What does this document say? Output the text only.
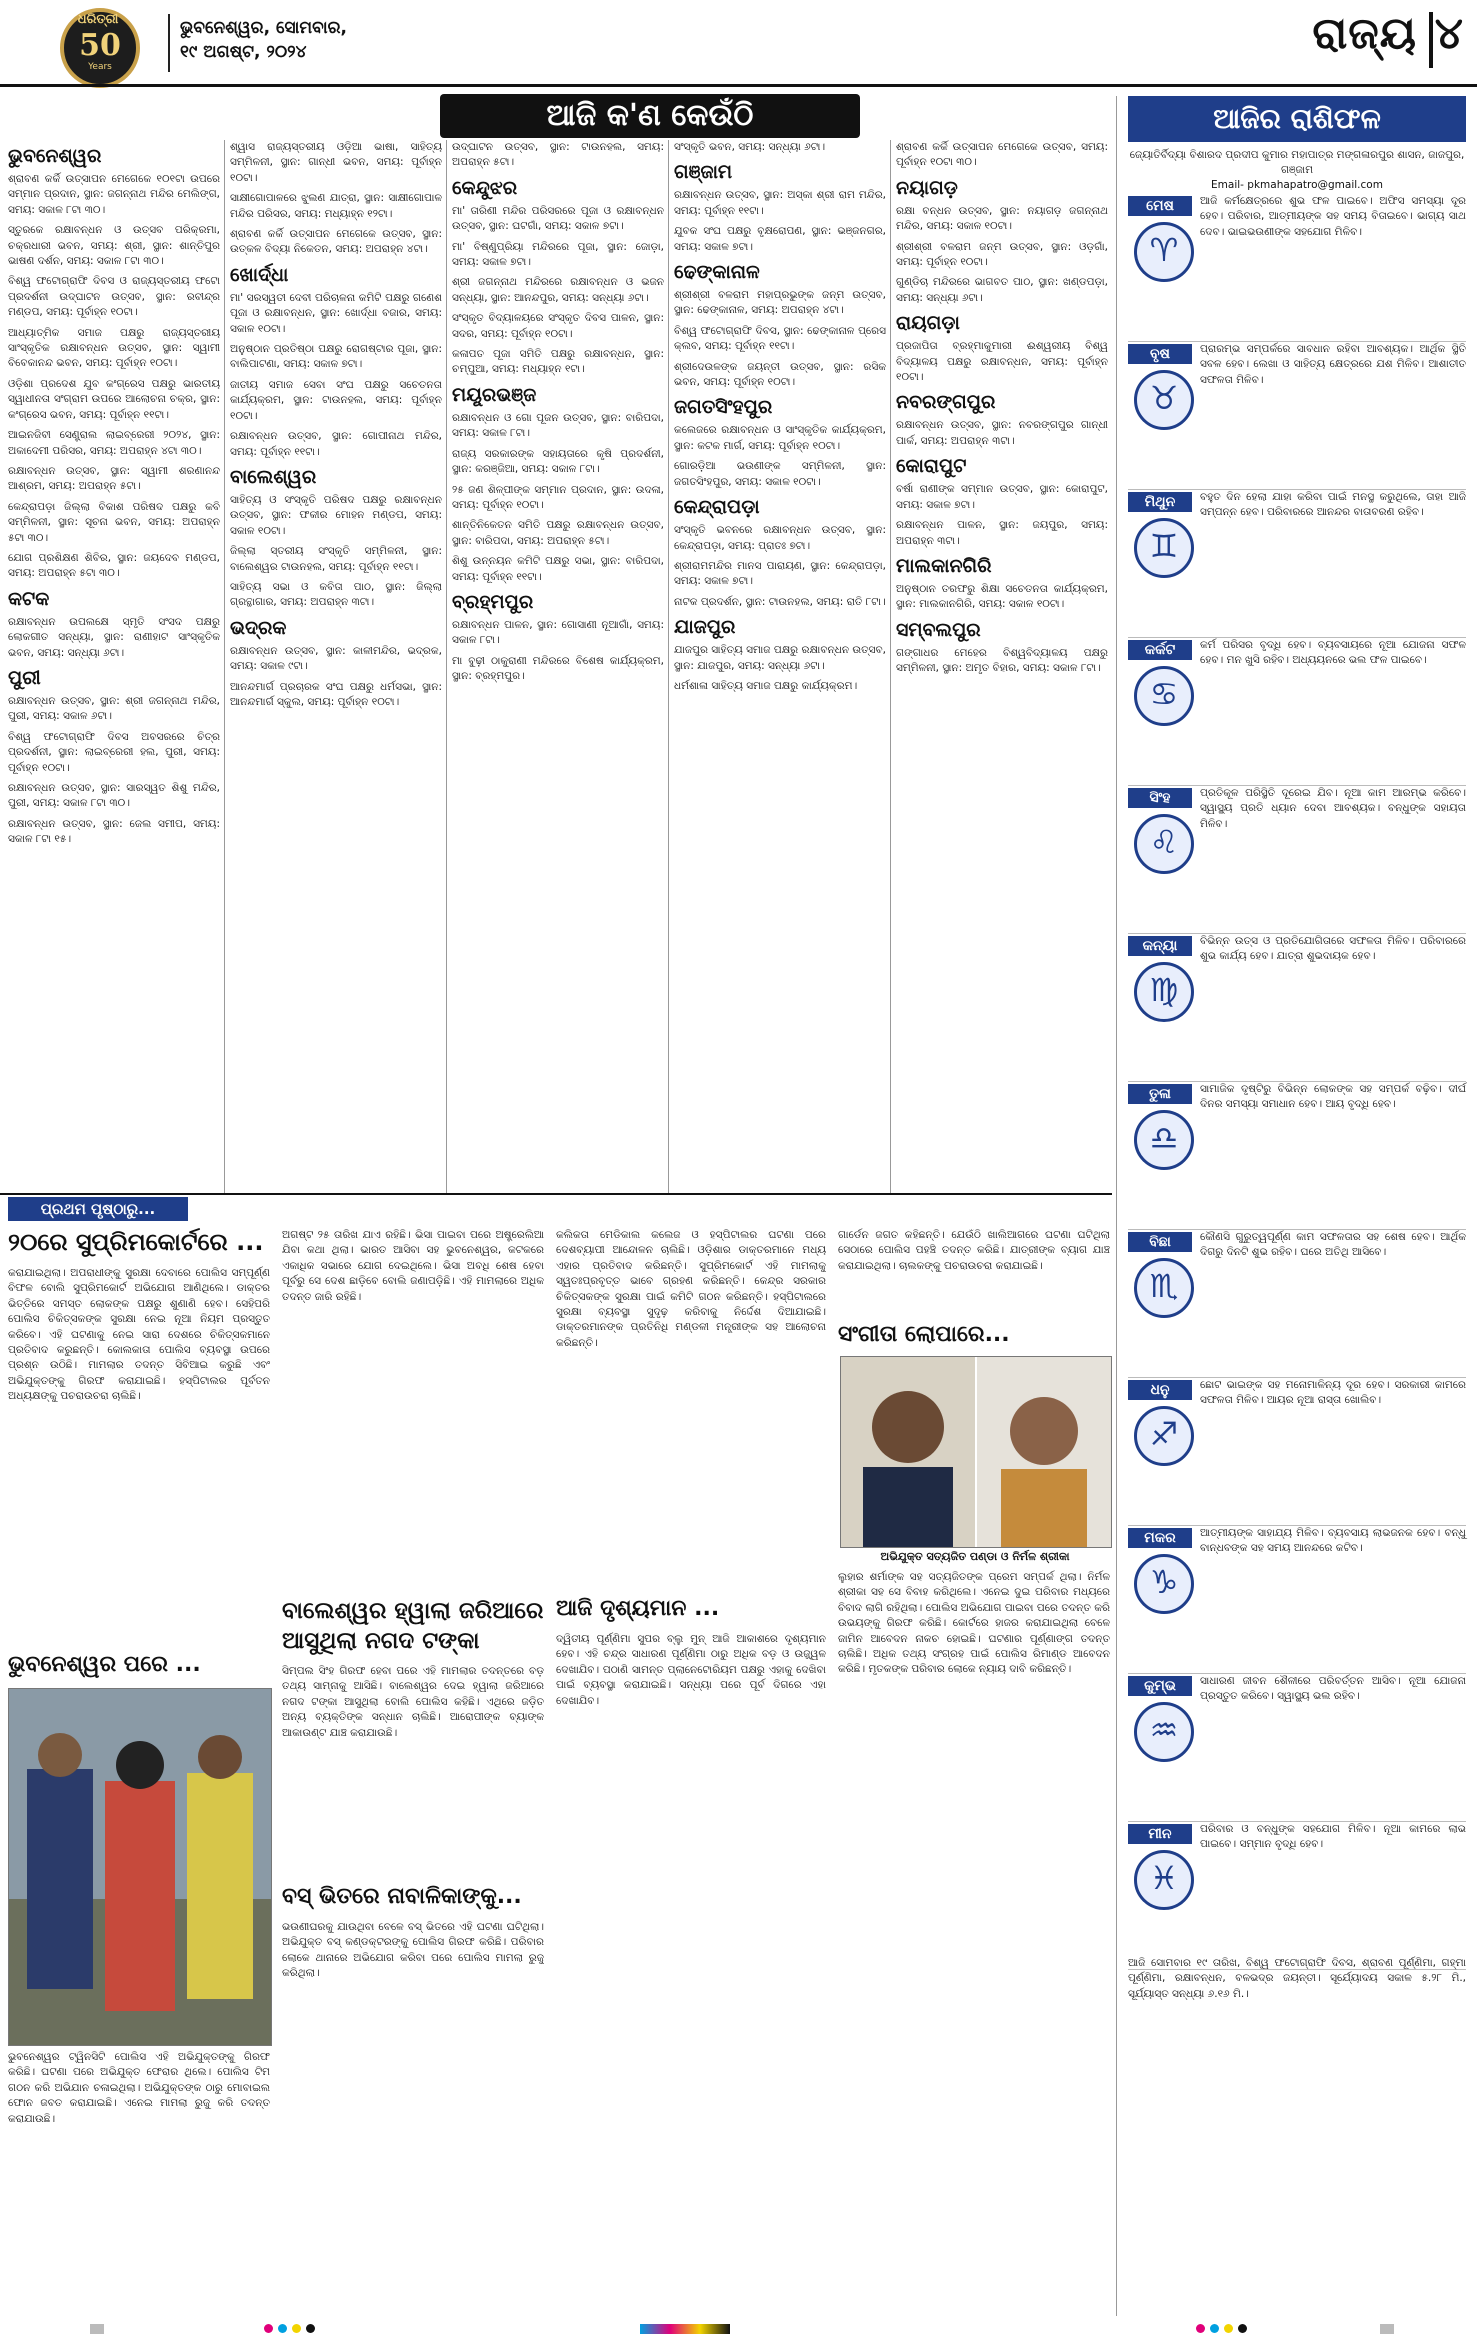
ଧରିତ୍ରୀ
50
Years
ଭୁବନେଶ୍ୱର, ସୋମବାର,
୧୯ ଅଗଷ୍ଟ, ୨୦୨୪	ରାଜ୍ୟ ୪
ଆଜି କ'ଣ କେଉଁଠି
ଭୁବନେଶ୍ୱର

ଶ୍ରାବଣ କର୍କି ଉତ୍ସାପନ ମେଗେକେ ୧୦୧ଟା ଉପରେ ସମ୍ମାନ ପ୍ରଦାନ, ସ୍ଥାନ: ଜଗନ୍ନାଥ ମନ୍ଦିର ମେଲିଙ୍ଗ, ସମୟ: ସକାଳ ୮ଟା ୩୦।

ସ୍ତୁରକେ ରକ୍ଷାବନ୍ଧନ ଓ ଉତ୍ସବ ପରିକ୍ରମା, ଚକ୍ରଧାରୀ ଭବନ, ସମୟ: ଶ୍ରୀ, ସ୍ଥାନ: ଶାନ୍ତିପୁର ଭାଷଣ ଦର୍ଶନ, ସମୟ: ସକାଳ ୮ଟା ୩୦।

ବିଶ୍ୱ ଫଟୋଗ୍ରାଫି ଦିବସ ଓ ରାଜ୍ୟସ୍ତରୀୟ ଫଟୋ ପ୍ରଦର୍ଶନୀ ଉଦ୍‌ଘାଟନ ଉତ୍ସବ, ସ୍ଥାନ: ରବୀନ୍ଦ୍ର ମଣ୍ଡପ, ସମୟ: ପୂର୍ବାହ୍ନ ୧୦ଟା।

ଆଧ୍ୟାତ୍ମିକ ସମାଜ ପକ୍ଷରୁ ରାଜ୍ୟସ୍ତରୀୟ ସାଂସ୍କୃତିକ ରକ୍ଷାବନ୍ଧନ ଉତ୍ସବ, ସ୍ଥାନ: ସ୍ୱାମୀ ବିବେକାନନ୍ଦ ଭବନ, ସମୟ: ପୂର୍ବାହ୍ନ ୧୦ଟା।

ଓଡ଼ିଶା ପ୍ରଦେଶ ଯୁବ କଂଗ୍ରେସ ପକ୍ଷରୁ ଭାରତୀୟ ସ୍ୱାଧୀନତା ସଂଗ୍ରାମ ଉପରେ ଆଲୋଚନା ଚକ୍ର, ସ୍ଥାନ: କଂଗ୍ରେସ ଭବନ, ସମୟ: ପୂର୍ବାହ୍ନ ୧୧ଟା।

ଆଇନଜିବୀ ସେଣ୍ଟ୍ରାଲ ଲାଇବ୍ରେରୀ ୨୦୨୪, ସ୍ଥାନ: ଅକାଦେମୀ ପରିସର, ସମୟ: ଅପରାହ୍ନ ୪ଟା ୩୦।

ରକ୍ଷାବନ୍ଧନ ଉତ୍ସବ, ସ୍ଥାନ: ସ୍ୱାମୀ ଶରଣାନନ୍ଦ ଆଶ୍ରମ, ସମୟ: ଅପରାହ୍ନ ୫ଟା।

କେନ୍ଦ୍ରାପଡ଼ା ଜିଲ୍ଲା ବିକାଶ ପରିଷଦ ପକ୍ଷରୁ କବି ସମ୍ମିଳନୀ, ସ୍ଥାନ: ସୂଚନା ଭବନ, ସମୟ: ଅପରାହ୍ନ ୫ଟା ୩୦।

ଯୋଗ ପ୍ରଶିକ୍ଷଣ ଶିବିର, ସ୍ଥାନ: ଜୟଦେବ ମଣ୍ଡପ, ସମୟ: ଅପରାହ୍ନ ୫ଟା ୩୦।

କଟକ

ରକ୍ଷାବନ୍ଧନ ଉପଲକ୍ଷେ ସ୍ମୃତି ସଂସଦ ପକ୍ଷରୁ ଲୋକଗୀତ ସନ୍ଧ୍ୟା, ସ୍ଥାନ: ରାଣୀହାଟ ସାଂସ୍କୃତିକ ଭବନ, ସମୟ: ସନ୍ଧ୍ୟା ୬ଟା।

ପୁରୀ

ରକ୍ଷାବନ୍ଧନ ଉତ୍ସବ, ସ୍ଥାନ: ଶ୍ରୀ ଜଗନ୍ନାଥ ମନ୍ଦିର, ପୁରୀ, ସମୟ: ସକାଳ ୬ଟା।

ବିଶ୍ୱ ଫଟୋଗ୍ରାଫି ଦିବସ ଅବସରରେ ଚିତ୍ର ପ୍ରଦର୍ଶନୀ, ସ୍ଥାନ: ଲାଇବ୍ରେରୀ ହଲ, ପୁରୀ, ସମୟ: ପୂର୍ବାହ୍ନ ୧୦ଟା।

ରକ୍ଷାବନ୍ଧନ ଉତ୍ସବ, ସ୍ଥାନ: ସାରସ୍ୱତ ଶିଶୁ ମନ୍ଦିର, ପୁରୀ, ସମୟ: ସକାଳ ୮ଟା ୩୦।

ରକ୍ଷାବନ୍ଧନ ଉତ୍ସବ, ସ୍ଥାନ: ଜେଲ ସମୀପ, ସମୟ: ସକାଳ ୮ଟା ୧୫।

ଶ୍ୱାସ ରାଜ୍ୟସ୍ତରୀୟ ଓଡ଼ିଆ ଭାଷା, ସାହିତ୍ୟ ସମ୍ମିଳନୀ, ସ୍ଥାନ: ଗାନ୍ଧୀ ଭବନ, ସମୟ: ପୂର୍ବାହ୍ନ ୧୦ଟା।

ସାକ୍ଷୀଗୋପାଳରେ ଝୁଲଣ ଯାତ୍ରା, ସ୍ଥାନ: ସାକ୍ଷୀଗୋପାଳ ମନ୍ଦିର ପରିସର, ସମୟ: ମଧ୍ୟାହ୍ନ ୧୨ଟା।

ଶ୍ରାବଣ କର୍କି ଉତ୍ସାପନ ମେଗେକେ ଉତ୍ସବ, ସ୍ଥାନ: ଉତ୍କଳ ବିଦ୍ୟା ନିକେତନ, ସମୟ: ଅପରାହ୍ନ ୪ଟା।

ଖୋର୍ଦ୍ଧା

ମା' ସରସ୍ୱତୀ ଦେବୀ ପରିଚାଳନା କମିଟି ପକ୍ଷରୁ ଗଣେଶ ପୂଜା ଓ ରକ୍ଷାବନ୍ଧନ, ସ୍ଥାନ: ଖୋର୍ଦ୍ଧା ବଜାର, ସମୟ: ସକାଳ ୧୦ଟା।

ଅନୁଷ୍ଠାନ ପ୍ରତିଷ୍ଠା ପକ୍ଷରୁ ରୋଗଷ୍ଟାର ପୂଜା, ସ୍ଥାନ: ବାଲିପାଟଣା, ସମୟ: ସକାଳ ୭ଟା।

ଜାତୀୟ ସମାଜ ସେବା ସଂଘ ପକ୍ଷରୁ ସଚେତନତା କାର୍ଯ୍ୟକ୍ରମ, ସ୍ଥାନ: ଟାଉନହଲ, ସମୟ: ପୂର୍ବାହ୍ନ ୧୦ଟା।

ରକ୍ଷାବନ୍ଧନ ଉତ୍ସବ, ସ୍ଥାନ: ଗୋପୀନାଥ ମନ୍ଦିର, ସମୟ: ପୂର୍ବାହ୍ନ ୧୧ଟା।

ବାଲେଶ୍ୱର

ସାହିତ୍ୟ ଓ ସଂସ୍କୃତି ପରିଷଦ ପକ୍ଷରୁ ରକ୍ଷାବନ୍ଧନ ଉତ୍ସବ, ସ୍ଥାନ: ଫକୀର ମୋହନ ମଣ୍ଡପ, ସମୟ: ସକାଳ ୧୦ଟା।

ଜିଲ୍ଲା ସ୍ତରୀୟ ସଂସ୍କୃତି ସମ୍ମିଳନୀ, ସ୍ଥାନ: ବାଲେଶ୍ୱର ଟାଉନହଲ, ସମୟ: ପୂର୍ବାହ୍ନ ୧୧ଟା।

ସାହିତ୍ୟ ସଭା ଓ କବିତା ପାଠ, ସ୍ଥାନ: ଜିଲ୍ଲା ଗ୍ରନ୍ଥାଗାର, ସମୟ: ଅପରାହ୍ନ ୩ଟା।

ଭଦ୍ରକ

ରକ୍ଷାବନ୍ଧନ ଉତ୍ସବ, ସ୍ଥାନ: କାଳୀମନ୍ଦିର, ଭଦ୍ରକ, ସମୟ: ସକାଳ ୯ଟା।

ଆନନ୍ଦମାର୍ଗ ପ୍ରଚାରକ ସଂଘ ପକ୍ଷରୁ ଧର୍ମସଭା, ସ୍ଥାନ: ଆନନ୍ଦମାର୍ଗ ସ୍କୁଲ, ସମୟ: ପୂର୍ବାହ୍ନ ୧୦ଟା।

ଉଦ୍‌ଘାଟନ ଉତ୍ସବ, ସ୍ଥାନ: ଟାଉନହଲ, ସମୟ: ଅପରାହ୍ନ ୫ଟା।

କେନ୍ଦୁଝର

ମା' ତାରିଣୀ ମନ୍ଦିର ପରିସରରେ ପୂଜା ଓ ରକ୍ଷାବନ୍ଧନ ଉତ୍ସବ, ସ୍ଥାନ: ଘଟଗାଁ, ସମୟ: ସକାଳ ୭ଟା।

ମା' ବିଷ୍ଣୁପ୍ରିୟା ମନ୍ଦିରରେ ପୂଜା, ସ୍ଥାନ: ଜୋଡ଼ା, ସମୟ: ସକାଳ ୭ଟା।

ଶ୍ରୀ ଜଗନ୍ନାଥ ମନ୍ଦିରରେ ରକ୍ଷାବନ୍ଧନ ଓ ଭଜନ ସନ୍ଧ୍ୟା, ସ୍ଥାନ: ଆନନ୍ଦପୁର, ସମୟ: ସନ୍ଧ୍ୟା ୬ଟା।

ସଂସ୍କୃତ ବିଦ୍ୟାଳୟରେ ସଂସ୍କୃତ ଦିବସ ପାଳନ, ସ୍ଥାନ: ସଦର, ସମୟ: ପୂର୍ବାହ୍ନ ୧୦ଟା।

କଳାପତ ପୂଜା ସମିତି ପକ୍ଷରୁ ରକ୍ଷାବନ୍ଧନ, ସ୍ଥାନ: ଚମ୍ପୁଆ, ସମୟ: ମଧ୍ୟାହ୍ନ ୧ଟା।

ମୟୂରଭଞ୍ଜ

ରକ୍ଷାବନ୍ଧନ ଓ ଗୋ ପୂଜନ ଉତ୍ସବ, ସ୍ଥାନ: ବାରିପଦା, ସମୟ: ସକାଳ ୮ଟା।

ରାଜ୍ୟ ସରକାରଙ୍କ ସହାୟତାରେ କୃଷି ପ୍ରଦର୍ଶନୀ, ସ୍ଥାନ: କରଞ୍ଜିଆ, ସମୟ: ସକାଳ ୮ଟା।

୨୫ ଜଣ ଶିଳ୍ପୀଙ୍କ ସମ୍ମାନ ପ୍ରଦାନ, ସ୍ଥାନ: ଉଦଳା, ସମୟ: ପୂର୍ବାହ୍ନ ୧୦ଟା।

ଶାନ୍ତିନିକେତନ ସମିତି ପକ୍ଷରୁ ରକ୍ଷାବନ୍ଧନ ଉତ୍ସବ, ସ୍ଥାନ: ବାରିପଦା, ସମୟ: ଅପରାହ୍ନ ୫ଟା।

ଶିଶୁ ଉନ୍ନୟନ କମିଟି ପକ୍ଷରୁ ସଭା, ସ୍ଥାନ: ବାରିପଦା, ସମୟ: ପୂର୍ବାହ୍ନ ୧୧ଟା।

ବ୍ରହ୍ମପୁର

ରକ୍ଷାବନ୍ଧନ ପାଳନ, ସ୍ଥାନ: ଗୋସାଣୀ ନୂଆଗାଁ, ସମୟ: ସକାଳ ୮ଟା।

ମା ବୁଢ଼ୀ ଠାକୁରାଣୀ ମନ୍ଦିରରେ ବିଶେଷ କାର୍ଯ୍ୟକ୍ରମ, ସ୍ଥାନ: ବ୍ରହ୍ମପୁର।

ସଂସ୍କୃତି ଭବନ, ସମୟ: ସନ୍ଧ୍ୟା ୬ଟା।

ଗଞ୍ଜାମ

ରକ୍ଷାବନ୍ଧନ ଉତ୍ସବ, ସ୍ଥାନ: ଅସ୍କା ଶ୍ରୀ ରାମ ମନ୍ଦିର, ସମୟ: ପୂର୍ବାହ୍ନ ୧୧ଟା।

ଯୁବକ ସଂଘ ପକ୍ଷରୁ ବୃକ୍ଷରୋପଣ, ସ୍ଥାନ: ଭଞ୍ଜନଗର, ସମୟ: ସକାଳ ୭ଟା।

ଢେଙ୍କାନାଳ

ଶ୍ରୀଶ୍ରୀ ବଳରାମ ମହାପ୍ରଭୁଙ୍କ ଜନ୍ମ ଉତ୍ସବ, ସ୍ଥାନ: ଢେଙ୍କାନାଳ, ସମୟ: ଅପରାହ୍ନ ୪ଟା।

ବିଶ୍ୱ ଫଟୋଗ୍ରାଫି ଦିବସ, ସ୍ଥାନ: ଢେଙ୍କାନାଳ ପ୍ରେସ କ୍ଲବ, ସମୟ: ପୂର୍ବାହ୍ନ ୧୧ଟା।

ଶ୍ରୀଦେଉଳଙ୍କ ଜୟନ୍ତୀ ଉତ୍ସବ, ସ୍ଥାନ: ରସିକ ଭବନ, ସମୟ: ପୂର୍ବାହ୍ନ ୧୦ଟା।

ଜଗତସିଂହପୁର

କଲେଜରେ ରକ୍ଷାବନ୍ଧନ ଓ ସାଂସ୍କୃତିକ କାର୍ଯ୍ୟକ୍ରମ, ସ୍ଥାନ: କଟକ ମାର୍ଗ, ସମୟ: ପୂର୍ବାହ୍ନ ୧୦ଟା।

ଗୋରଡ଼ିଆ ଭଉଣୀଙ୍କ ସମ୍ମିଳନୀ, ସ୍ଥାନ: ଜଗତସିଂହପୁର, ସମୟ: ସକାଳ ୧୦ଟା।

କେନ୍ଦ୍ରାପଡ଼ା

ସଂସ୍କୃତି ଭବନରେ ରକ୍ଷାବନ୍ଧନ ଉତ୍ସବ, ସ୍ଥାନ: କେନ୍ଦ୍ରାପଡ଼ା, ସମୟ: ପ୍ରାତଃ ୭ଟା।

ଶ୍ରୀରାମମନ୍ଦିର ମାନସ ପାରାୟଣ, ସ୍ଥାନ: କେନ୍ଦ୍ରାପଡ଼ା, ସମୟ: ସକାଳ ୭ଟା।

ନାଟକ ପ୍ରଦର୍ଶନ, ସ୍ଥାନ: ଟାଉନହଲ, ସମୟ: ରାତି ୮ଟା।

ଯାଜପୁର

ଯାଜପୁର ସାହିତ୍ୟ ସମାଜ ପକ୍ଷରୁ ରକ୍ଷାବନ୍ଧନ ଉତ୍ସବ, ସ୍ଥାନ: ଯାଜପୁର, ସମୟ: ସନ୍ଧ୍ୟା ୬ଟା।

ଧର୍ମଶାଳା ସାହିତ୍ୟ ସମାଜ ପକ୍ଷରୁ କାର୍ଯ୍ୟକ୍ରମ।

ଶ୍ରାବଣ କର୍କି ଉତ୍ସାପନ ମେଗେକେ ଉତ୍ସବ, ସମୟ: ପୂର୍ବାହ୍ନ ୧୦ଟା ୩୦।

ନୟାଗଡ଼

ରକ୍ଷା ବନ୍ଧନ ଉତ୍ସବ, ସ୍ଥାନ: ନୟାଗଡ଼ ଜଗନ୍ନାଥ ମନ୍ଦିର, ସମୟ: ସକାଳ ୧୦ଟା।

ଶ୍ରୀଶ୍ରୀ ବଳରାମ ଜନ୍ମ ଉତ୍ସବ, ସ୍ଥାନ: ଓଡ଼ଗାଁ, ସମୟ: ପୂର୍ବାହ୍ନ ୧୦ଟା।

ଗୁଣ୍ଡିଚା ମନ୍ଦିରରେ ଭାଗବତ ପାଠ, ସ୍ଥାନ: ଖଣ୍ଡପଡ଼ା, ସମୟ: ସନ୍ଧ୍ୟା ୬ଟା।

ରାୟଗଡ଼ା

ପ୍ରଜାପିତା ବ୍ରହ୍ମାକୁମାରୀ ଈଶ୍ୱରୀୟ ବିଶ୍ୱ ବିଦ୍ୟାଳୟ ପକ୍ଷରୁ ରକ୍ଷାବନ୍ଧନ, ସମୟ: ପୂର୍ବାହ୍ନ ୧୦ଟା।

ନବରଙ୍ଗପୁର

ରକ୍ଷାବନ୍ଧନ ଉତ୍ସବ, ସ୍ଥାନ: ନବରଙ୍ଗପୁର ଗାନ୍ଧୀ ପାର୍କ, ସମୟ: ଅପରାହ୍ନ ୩ଟା।

କୋରାପୁଟ

ବର୍ଷା ରାଣୀଙ୍କ ସମ୍ମାନ ଉତ୍ସବ, ସ୍ଥାନ: କୋରାପୁଟ, ସମୟ: ସକାଳ ୭ଟା।

ରକ୍ଷାବନ୍ଧନ ପାଳନ, ସ୍ଥାନ: ଜୟପୁର, ସମୟ: ଅପରାହ୍ନ ୩ଟା।

ମାଲକାନଗିରି

ଅନୁଷ୍ଠାନ ତରଫରୁ ଶିକ୍ଷା ସଚେତନତା କାର୍ଯ୍ୟକ୍ରମ, ସ୍ଥାନ: ମାଲକାନଗିରି, ସମୟ: ସକାଳ ୧୦ଟା।

ସମ୍ବଲପୁର

ଗଙ୍ଗାଧର ମେହେର ବିଶ୍ୱବିଦ୍ୟାଳୟ ପକ୍ଷରୁ ସମ୍ମିଳନୀ, ସ୍ଥାନ: ଅମୃତ ବିହାର, ସମୟ: ସକାଳ ୮ଟା।

ଆଜିର ରାଶିଫଳ
ଜ୍ୟୋତିର୍ବିଦ୍ୟା ବିଶାରଦ ପ୍ରଦୀପ କୁମାର ମହାପାତ୍ର ମଙ୍ଗଳାରପୁର ଶାସନ, ଜାଜପୁର, ଗଞ୍ଜାମ
Email- pkmahapatro@gmail.com
ମେଷ
♈
ଆଜି କର୍ମକ୍ଷେତ୍ରରେ ଶୁଭ ଫଳ ପାଇବେ। ଅଫିସ ସମସ୍ୟା ଦୂର ହେବ। ପରିବାର, ଆତ୍ମୀୟଙ୍କ ସହ ସମୟ ବିତାଇବେ। ଭାଗ୍ୟ ସାଥ ଦେବ। ଭାଇଭଉଣୀଙ୍କ ସହଯୋଗ ମିଳିବ।
ବୃଷ
♉
ପ୍ରାରମ୍ଭ ସମ୍ପର୍କରେ ସାବଧାନ ରହିବା ଆବଶ୍ୟକ। ଆର୍ଥିକ ସ୍ଥିତି ସବଳ ହେବ। ଲେଖା ଓ ସାହିତ୍ୟ କ୍ଷେତ୍ରରେ ଯଶ ମିଳିବ। ଆଶାତୀତ ସଫଳତା ମିଳିବ।
ମିଥୁନ
♊
ବହୁତ ଦିନ ହେଲା ଯାହା କରିବା ପାଇଁ ମନସ୍ଥ କରୁଥିଲେ, ତାହା ଆଜି ସମ୍ପନ୍ନ ହେବ। ପରିବାରରେ ଆନନ୍ଦର ବାତାବରଣ ରହିବ।
କର୍କଟ
♋
କର୍ମ ପରିସର ବୃଦ୍ଧି ହେବ। ବ୍ୟବସାୟରେ ନୂଆ ଯୋଜନା ସଫଳ ହେବ। ମନ ଖୁସି ରହିବ। ଅଧ୍ୟୟନରେ ଭଲ ଫଳ ପାଇବେ।
ସିଂହ
♌
ପ୍ରତିକୂଳ ପରିସ୍ଥିତି ଦୂରେଇ ଯିବ। ନୂଆ କାମ ଆରମ୍ଭ କରିବେ। ସ୍ୱାସ୍ଥ୍ୟ ପ୍ରତି ଧ୍ୟାନ ଦେବା ଆବଶ୍ୟକ। ବନ୍ଧୁଙ୍କ ସହାୟତା ମିଳିବ।
କନ୍ୟା
♍
ବିଭିନ୍ନ ଉତ୍ସ ଓ ପ୍ରତିଯୋଗିତାରେ ସଫଳତା ମିଳିବ। ପରିବାରରେ ଶୁଭ କାର୍ଯ୍ୟ ହେବ। ଯାତ୍ରା ଶୁଭଦାୟକ ହେବ।
ତୁଳା
♎
ସାମାଜିକ ଦୃଷ୍ଟିରୁ ବିଭିନ୍ନ ଲୋକଙ୍କ ସହ ସମ୍ପର୍କ ବଢ଼ିବ। ଦୀର୍ଘ ଦିନର ସମସ୍ୟା ସମାଧାନ ହେବ। ଆୟ ବୃଦ୍ଧି ହେବ।
ବିଛା
♏
କୌଣସି ଗୁରୁତ୍ୱପୂର୍ଣ୍ଣ କାମ ସଫଳତାର ସହ ଶେଷ ହେବ। ଆର୍ଥିକ ଦିଗରୁ ଦିନଟି ଶୁଭ ରହିବ। ଘରେ ଅତିଥି ଆସିବେ।
ଧନୁ
♐
ଛୋଟ ଭାଇଙ୍କ ସହ ମନୋମାଳିନ୍ୟ ଦୂର ହେବ। ସରକାରୀ କାମରେ ସଫଳତା ମିଳିବ। ଆୟର ନୂଆ ରାସ୍ତା ଖୋଲିବ।
ମକର
♑
ଆତ୍ମୀୟଙ୍କ ସାହାଯ୍ୟ ମିଳିବ। ବ୍ୟବସାୟ ଲାଭଜନକ ହେବ। ବନ୍ଧୁ ବାନ୍ଧବଙ୍କ ସହ ସମୟ ଆନନ୍ଦରେ କଟିବ।
କୁମ୍ଭ
♒
ସାଧାରଣ ଜୀବନ ଶୈଳୀରେ ପରିବର୍ତ୍ତନ ଆସିବ। ନୂଆ ଯୋଜନା ପ୍ରସ୍ତୁତ କରିବେ। ସ୍ୱାସ୍ଥ୍ୟ ଭଲ ରହିବ।
ମୀନ
♓
ପରିବାର ଓ ବନ୍ଧୁଙ୍କ ସହଯୋଗ ମିଳିବ। ନୂଆ କାମରେ ଲାଭ ପାଇବେ। ସମ୍ମାନ ବୃଦ୍ଧି ହେବ।
ଆଜି ସୋମବାର ୧୯ ତାରିଖ, ବିଶ୍ୱ ଫଟୋଗ୍ରାଫି ଦିବସ, ଶ୍ରାବଣ ପୂର୍ଣ୍ଣିମା, ଗହ୍ମା ପୂର୍ଣ୍ଣିମା, ରକ୍ଷାବନ୍ଧନ, ବଳଭଦ୍ର ଜୟନ୍ତୀ। ସୂର୍ଯ୍ୟୋଦୟ ସକାଳ ୫.୨୮ ମି., ସୂର୍ଯ୍ୟାସ୍ତ ସନ୍ଧ୍ୟା ୬.୧୬ ମି.।
ପ୍ରଥମ ପୃଷ୍ଠାରୁ...
୨୦ରେ ସୁପ୍ରିମକୋର୍ଟରେ ...
କରାଯାଇଥିଲା। ଅପରାଧୀଙ୍କୁ ସୁରକ୍ଷା ଦେବାରେ ପୋଲିସ ସମ୍ପୂର୍ଣ୍ଣ ବିଫଳ ବୋଲି ସୁପ୍ରିମକୋର୍ଟ ଅଭିଯୋଗ ଆଣିଥିଲେ। ଡାକ୍ତର ଭିତ୍ତିରେ ସମସ୍ତ ଲୋକଙ୍କ ପକ୍ଷରୁ ଶୁଣାଣି ହେବ। ସେହିପରି ପୋଲିସ ଚିକିତ୍ସକଙ୍କ ସୁରକ୍ଷା ନେଇ ନୂଆ ନିୟମ ପ୍ରସ୍ତୁତ କରିବେ। ଏହି ଘଟଣାକୁ ନେଇ ସାରା ଦେଶରେ ଚିକିତ୍ସକମାନେ ପ୍ରତିବାଦ କରୁଛନ୍ତି। କୋଲକାତା ପୋଲିସ ବ୍ୟବସ୍ଥା ଉପରେ ପ୍ରଶ୍ନ ଉଠିଛି। ମାମଲାର ତଦନ୍ତ ସିବିଆଇ କରୁଛି ଏବଂ ଅଭିଯୁକ୍ତଙ୍କୁ ଗିରଫ କରାଯାଇଛି। ହସ୍ପିଟାଲର ପୂର୍ବତନ ଅଧ୍ୟକ୍ଷଙ୍କୁ ପଚରାଉଚରା ଚାଲିଛି।
ଭୁବନେଶ୍ୱର ପରେ ...
ଭୁବନେଶ୍ୱର ଟ୍ୱିନସିଟି ପୋଲିସ ଏହି ଅଭିଯୁକ୍ତଙ୍କୁ ଗିରଫ କରିଛି। ଘଟଣା ପରେ ଅଭିଯୁକ୍ତ ଫେରାର ଥିଲେ। ପୋଲିସ ଟିମ ଗଠନ କରି ଅଭିଯାନ ଚଳାଇଥିଲା। ଅଭିଯୁକ୍ତଙ୍କ ଠାରୁ ମୋବାଇଲ ଫୋନ ଜବତ କରାଯାଇଛି। ଏନେଇ ମାମଲା ରୁଜୁ କରି ତଦନ୍ତ କରାଯାଉଛି।
ଅଗଷ୍ଟ ୨୫ ତାରିଖ ଯାଏ ରହିଛି। ଭିସା ପାଇବା ପରେ ଅଷ୍ଟ୍ରେଲିଆ ଯିବା କଥା ଥିଲା। ଭାରତ ଆସିବା ସହ ଭୁବନେଶ୍ୱର, କଟକରେ ଏକାଧିକ ସଭାରେ ଯୋଗ ଦେଇଥିଲେ। ଭିସା ଅବଧି ଶେଷ ହେବା ପୂର୍ବରୁ ସେ ଦେଶ ଛାଡ଼ିବେ ବୋଲି ଜଣାପଡ଼ିଛି। ଏହି ମାମଲାରେ ଅଧିକ ତଦନ୍ତ ଜାରି ରହିଛି।
ବାଲେଶ୍ୱର ହ୍ୱାଲା ଜରିଆରେ ଆସୁଥିଲା ନଗଦ ଟଙ୍କା
ସିମ୍ପଲ ସିଂହ ଗିରଫ ହେବା ପରେ ଏହି ମାମଲାର ତଦନ୍ତରେ ବଡ଼ ତଥ୍ୟ ସାମ୍ନାକୁ ଆସିଛି। ବାଲେଶ୍ୱର ଦେଇ ହ୍ୱାଲା ଜରିଆରେ ନଗଦ ଟଙ୍କା ଆସୁଥିଲା ବୋଲି ପୋଲିସ କହିଛି। ଏଥିରେ ଜଡ଼ିତ ଅନ୍ୟ ବ୍ୟକ୍ତିଙ୍କ ସନ୍ଧାନ ଚାଲିଛି। ଆରୋପୀଙ୍କ ବ୍ୟାଙ୍କ ଆକାଉଣ୍ଟ ଯାଞ୍ଚ କରାଯାଉଛି।
ବସ୍ ଭିତରେ ନାବାଳିକାଙ୍କୁ...
ଭଉଣୀଘରକୁ ଯାଉଥିବା ବେଳେ ବସ୍ ଭିତରେ ଏହି ଘଟଣା ଘଟିଥିଲା। ଅଭିଯୁକ୍ତ ବସ୍ କଣ୍ଡକ୍ଟରଙ୍କୁ ପୋଲିସ ଗିରଫ କରିଛି। ପରିବାର ଲୋକେ ଥାନାରେ ଅଭିଯୋଗ କରିବା ପରେ ପୋଲିସ ମାମଲା ରୁଜୁ କରିଥିଲା।
କଲିକତା ମେଡିକାଲ କଲେଜ ଓ ହସ୍ପିଟାଲର ଘଟଣା ପରେ ଦେଶବ୍ୟାପୀ ଆନ୍ଦୋଳନ ଚାଲିଛି। ଓଡ଼ିଶାର ଡାକ୍ତରମାନେ ମଧ୍ୟ ଏହାର ପ୍ରତିବାଦ କରିଛନ୍ତି। ସୁପ୍ରିମକୋର୍ଟ ଏହି ମାମଲାକୁ ସ୍ୱତଃପ୍ରବୃତ୍ତ ଭାବେ ଗ୍ରହଣ କରିଛନ୍ତି। କେନ୍ଦ୍ର ସରକାର ଚିକିତ୍ସକଙ୍କ ସୁରକ୍ଷା ପାଇଁ କମିଟି ଗଠନ କରିଛନ୍ତି। ହସ୍ପିଟାଲରେ ସୁରକ୍ଷା ବ୍ୟବସ୍ଥା ସୁଦୃଢ଼ କରିବାକୁ ନିର୍ଦ୍ଦେଶ ଦିଆଯାଇଛି। ଡାକ୍ତରମାନଙ୍କ ପ୍ରତିନିଧି ମଣ୍ଡଳୀ ମନ୍ତ୍ରୀଙ୍କ ସହ ଆଲୋଚନା କରିଛନ୍ତି।
ଆଜି ଦୃଶ୍ୟମାନ ...
ଦ୍ୱିତୀୟ ପୂର୍ଣ୍ଣିମା ସୁପର ବ୍ଲୁ ମୁନ୍ ଆଜି ଆକାଶରେ ଦୃଶ୍ୟମାନ ହେବ। ଏହି ଚନ୍ଦ୍ର ସାଧାରଣ ପୂର୍ଣ୍ଣିମା ଠାରୁ ଅଧିକ ବଡ଼ ଓ ଉଜ୍ଜ୍ୱଳ ଦେଖାଯିବ। ପଠାଣି ସାମନ୍ତ ପ୍ଲାନେଟୋରିୟମ ପକ୍ଷରୁ ଏହାକୁ ଦେଖିବା ପାଇଁ ବ୍ୟବସ୍ଥା କରାଯାଇଛି। ସନ୍ଧ୍ୟା ପରେ ପୂର୍ବ ଦିଗରେ ଏହା ଦେଖାଯିବ।
ଗାର୍ଡେନ ଜଗତ କହିଛନ୍ତି। ଯେଉଁଠି ଖାଲିଆଗରେ ଘଟଣା ଘଟିଥିଲା ସେଠାରେ ପୋଲିସ ପହଞ୍ଚି ତଦନ୍ତ କରିଛି। ଯାତ୍ରୀଙ୍କ ବ୍ୟାଗ ଯାଞ୍ଚ କରାଯାଇଥିଲା। ଚାଲକଙ୍କୁ ପଚରାଉଚରା କରାଯାଇଛି।
ସଂଗୀତା ଲୋପାରେ...
ଅଭିଯୁକ୍ତ ସତ୍ୟଜିତ ପଣ୍ଡା ଓ ନିର୍ମଳ ଶ୍ରୀକା
ଲୁହାର ଶର୍ମାଙ୍କ ସହ ସତ୍ୟଜିତଙ୍କ ପ୍ରେମ ସମ୍ପର୍କ ଥିଲା। ନିର୍ମଳ ଶ୍ରୀକା ସହ ସେ ବିବାହ କରିଥିଲେ। ଏନେଇ ଦୁଇ ପରିବାର ମଧ୍ୟରେ ବିବାଦ ଲାଗି ରହିଥିଲା। ପୋଲିସ ଅଭିଯୋଗ ପାଇବା ପରେ ତଦନ୍ତ କରି ଉଭୟଙ୍କୁ ଗିରଫ କରିଛି। କୋର୍ଟରେ ହାଜର କରାଯାଇଥିଲା ବେଳେ ଜାମିନ ଆବେଦନ ନାକଚ ହୋଇଛି। ଘଟଣାର ପୂର୍ଣ୍ଣାଙ୍ଗ ତଦନ୍ତ ଚାଲିଛି। ଅଧିକ ତଥ୍ୟ ସଂଗ୍ରହ ପାଇଁ ପୋଲିସ ରିମାଣ୍ଡ ଆବେଦନ କରିଛି। ମୃତକଙ୍କ ପରିବାର ଲୋକେ ନ୍ୟାୟ ଦାବି କରିଛନ୍ତି।
